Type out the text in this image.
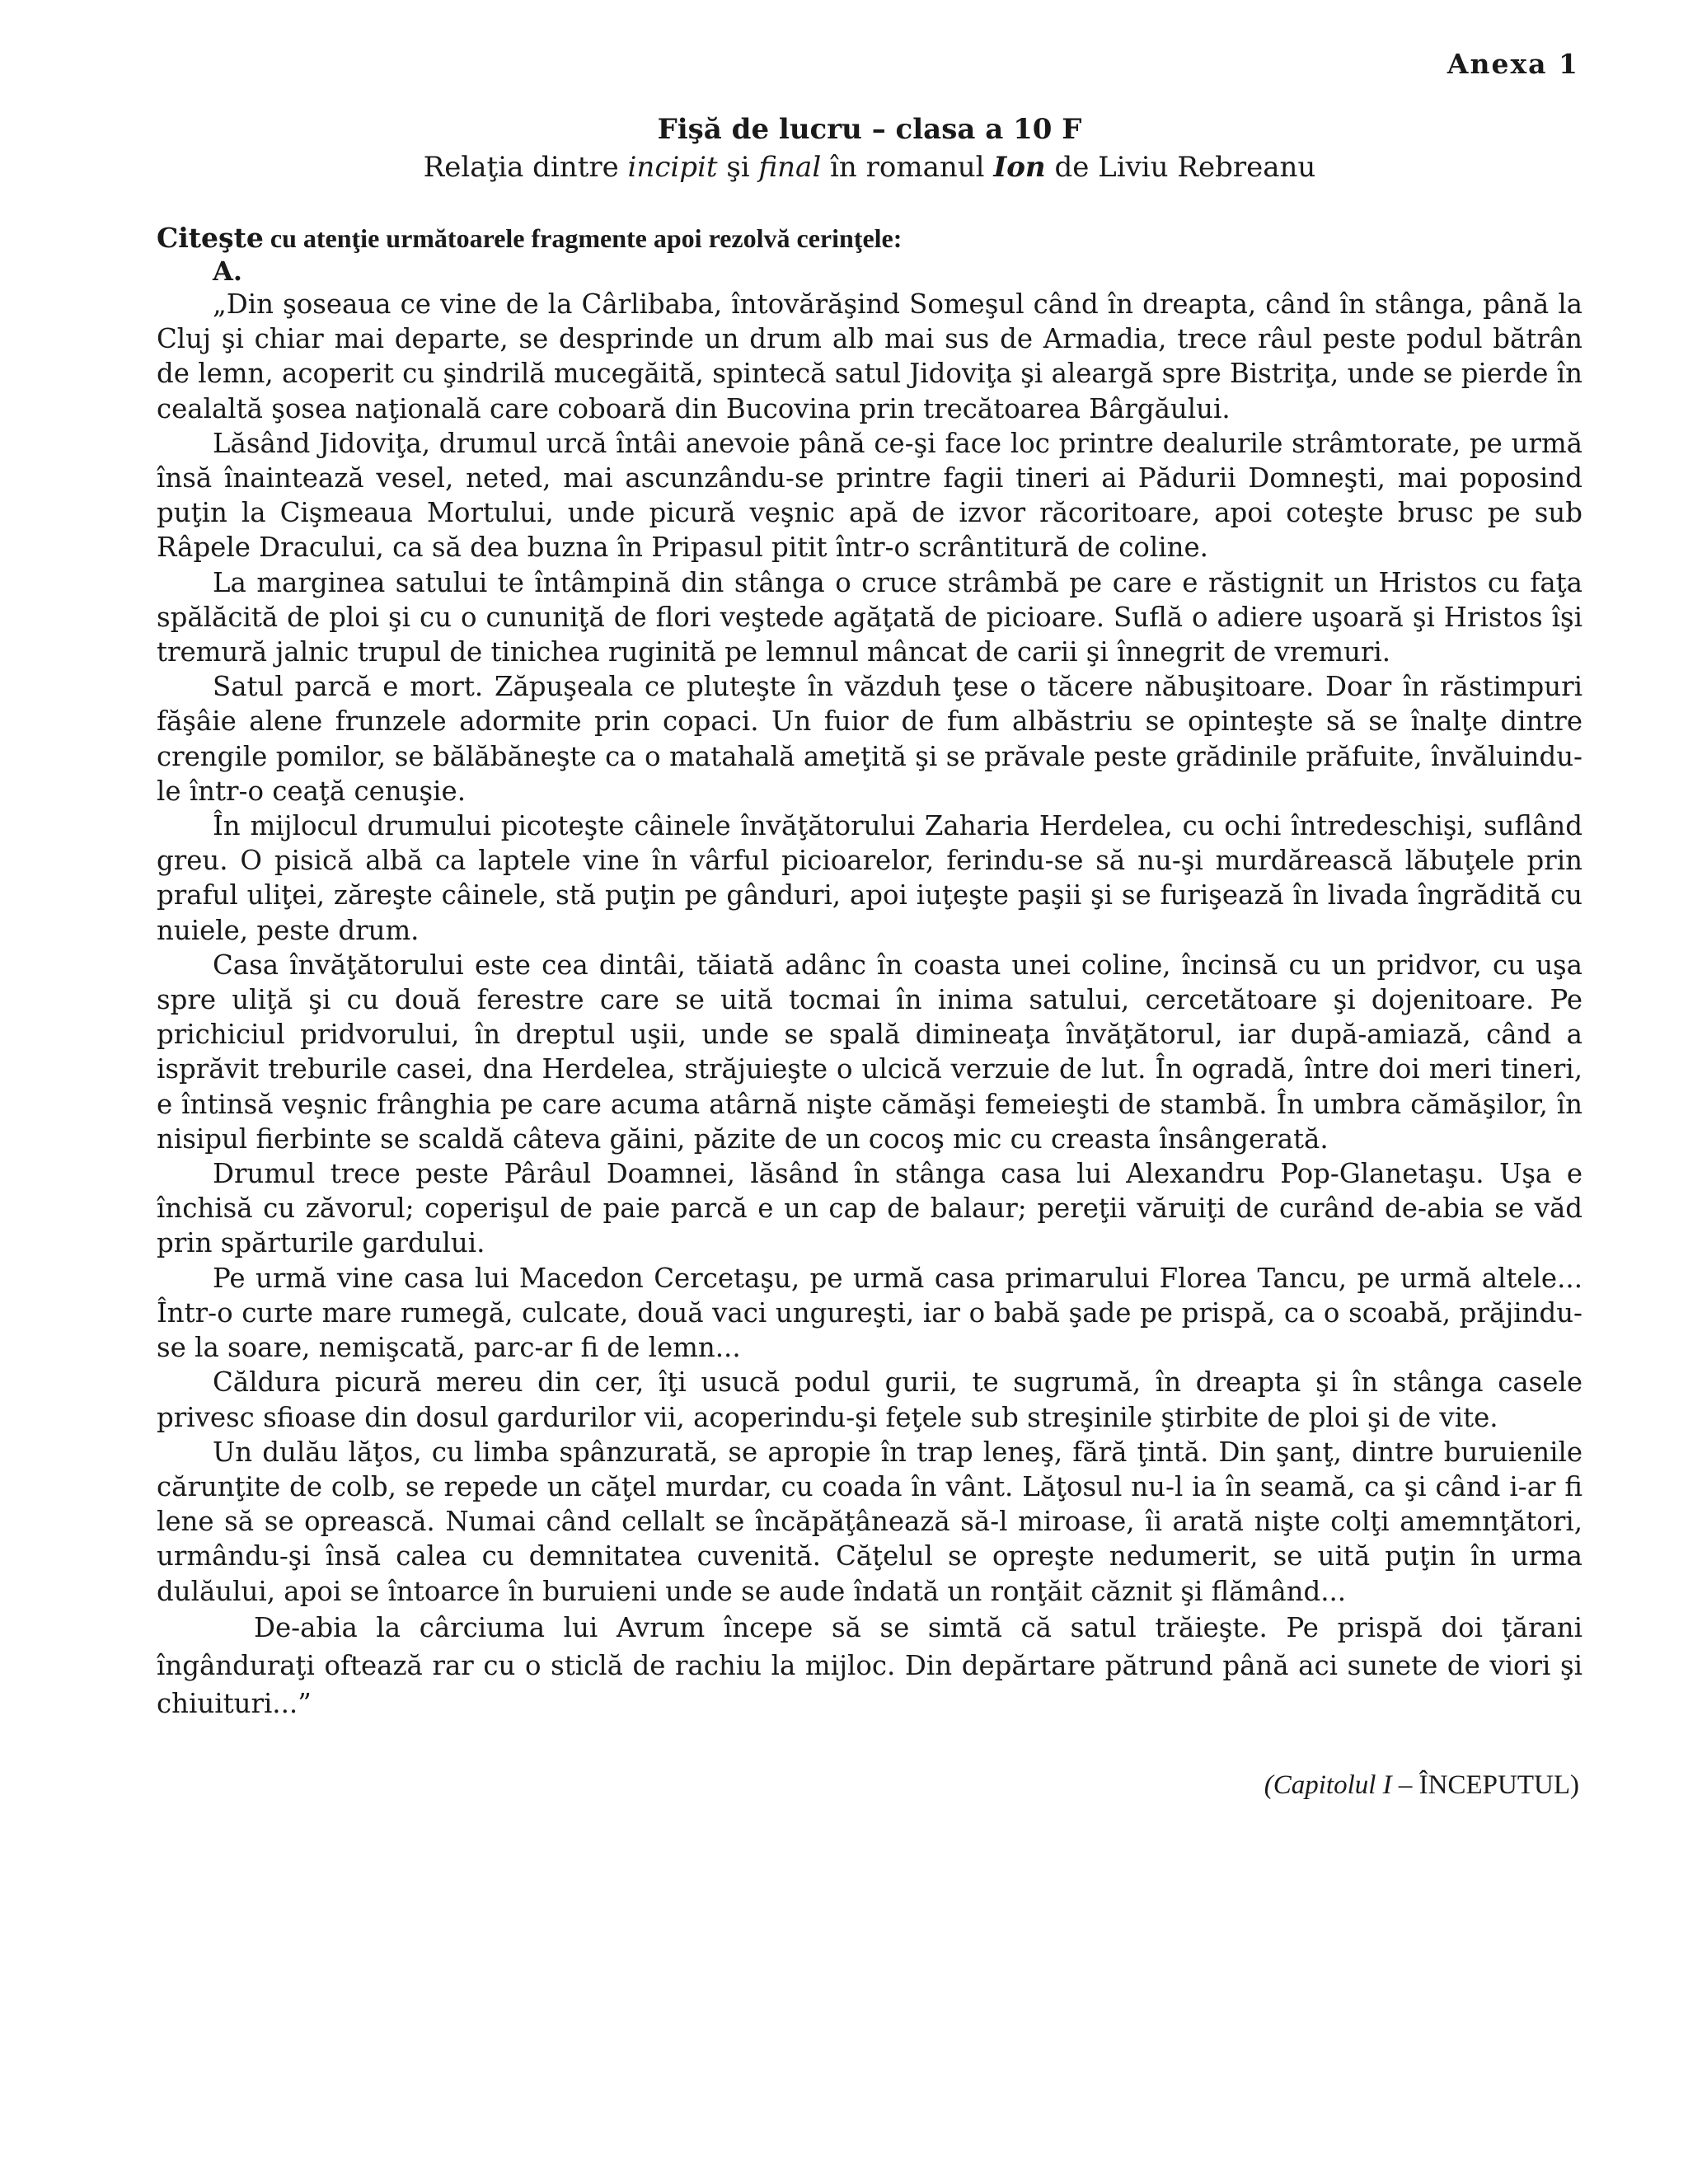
Anexa 1
Fişă de lucru – clasa a 10 F
Relaţia dintre incipit şi final în romanul Ion de Liviu Rebreanu
Citeşte cu atenţie următoarele fragmente apoi rezolvă cerinţele:
A.

„Din şoseaua ce vine de la Cârlibaba, întovărăşind Someşul când în dreapta, când în stânga, până la Cluj şi chiar mai departe, se desprinde un drum alb mai sus de Armadia, trece râul peste podul bătrân de lemn, acoperit cu şindrilă mucegăită, spintecă satul Jidoviţa şi aleargă spre Bistriţa, unde se pierde în cealaltă şosea naţională care coboară din Bucovina prin trecătoarea Bârgăului.

Lăsând Jidoviţa, drumul urcă întâi anevoie până ce-şi face loc printre dealurile strâmtorate, pe urmă însă înaintează vesel, neted, mai ascunzându-se printre fagii tineri ai Pădurii Domneşti, mai poposind puţin la Cişmeaua Mortului, unde picură veşnic apă de izvor răcoritoare, apoi coteşte brusc pe sub Râpele Dracului, ca să dea buzna în Pripasul pitit într-o scrântitură de coline.

La marginea satului te întâmpină din stânga o cruce strâmbă pe care e răstignit un Hristos cu faţa spălăcită de ploi şi cu o cununiţă de flori veştede agăţată de picioare. Suflă o adiere uşoară şi Hristos îşi tremură jalnic trupul de tinichea ruginită pe lemnul mâncat de carii şi înnegrit de vremuri.

Satul parcă e mort. Zăpuşeala ce pluteşte în văzduh ţese o tăcere năbuşitoare. Doar în răstimpuri făşâie alene frunzele adormite prin copaci. Un fuior de fum albăstriu se opinteşte să se înalţe dintre crengile pomilor, se bălăbăneşte ca o matahală ameţită şi se prăvale peste grădinile prăfuite, învăluindu-le într-o ceaţă cenuşie.

În mijlocul drumului picoteşte câinele învăţătorului Zaharia Herdelea, cu ochi întredeschişi, suflând greu. O pisică albă ca laptele vine în vârful picioarelor, ferindu-se să nu-şi murdărească lăbuţele prin praful uliţei, zăreşte câinele, stă puţin pe gânduri, apoi iuţeşte paşii şi se furişează în livada îngrădită cu nuiele, peste drum.

Casa învăţătorului este cea dintâi, tăiată adânc în coasta unei coline, încinsă cu un pridvor, cu uşa spre uliţă şi cu două ferestre care se uită tocmai în inima satului, cercetătoare şi dojenitoare. Pe prichiciul pridvorului, în dreptul uşii, unde se spală dimineaţa învăţătorul, iar după-amiază, când a isprăvit treburile casei, dna Herdelea, străjuieşte o ulcică verzuie de lut. În ogradă, între doi meri tineri, e întinsă veşnic frânghia pe care acuma atârnă nişte cămăşi femeieşti de stambă. În umbra cămăşilor, în nisipul fierbinte se scaldă câteva găini, păzite de un cocoş mic cu creasta însângerată.

Drumul trece peste Pârâul Doamnei, lăsând în stânga casa lui Alexandru Pop-Glanetaşu. Uşa e închisă cu zăvorul; coperişul de paie parcă e un cap de balaur; pereţii văruiţi de curând de-abia se văd prin spărturile gardului.

Pe urmă vine casa lui Macedon Cercetaşu, pe urmă casa primarului Florea Tancu, pe urmă altele... Într-o curte mare rumegă, culcate, două vaci ungureşti, iar o babă şade pe prispă, ca o scoabă, prăjindu-se la soare, nemişcată, parc-ar fi de lemn...

Căldura picură mereu din cer, îţi usucă podul gurii, te sugrumă, în dreapta şi în stânga casele privesc sfioase din dosul gardurilor vii, acoperindu-şi feţele sub streşinile ştirbite de ploi şi de vite.

Un dulău lăţos, cu limba spânzurată, se apropie în trap leneş, fără ţintă. Din şanţ, dintre buruienile cărunţite de colb, se repede un căţel murdar, cu coada în vânt. Lăţosul nu-l ia în seamă, ca şi când i-ar fi lene să se oprească. Numai când cellalt se încăpăţânează să-l miroase, îi arată nişte colţi amemnţători, urmându-şi însă calea cu demnitatea cuvenită. Căţelul se opreşte nedumerit, se uită puţin în urma dulăului, apoi se întoarce în buruieni unde se aude îndată un ronţăit căznit şi flămând...

De-abia la cârciuma lui Avrum începe să se simtă că satul trăieşte. Pe prispă doi ţărani îngânduraţi oftează rar cu o sticlă de rachiu la mijloc. Din depărtare pătrund până aci sunete de viori şi chiuituri...”

(Capitolul I – ÎNCEPUTUL)
